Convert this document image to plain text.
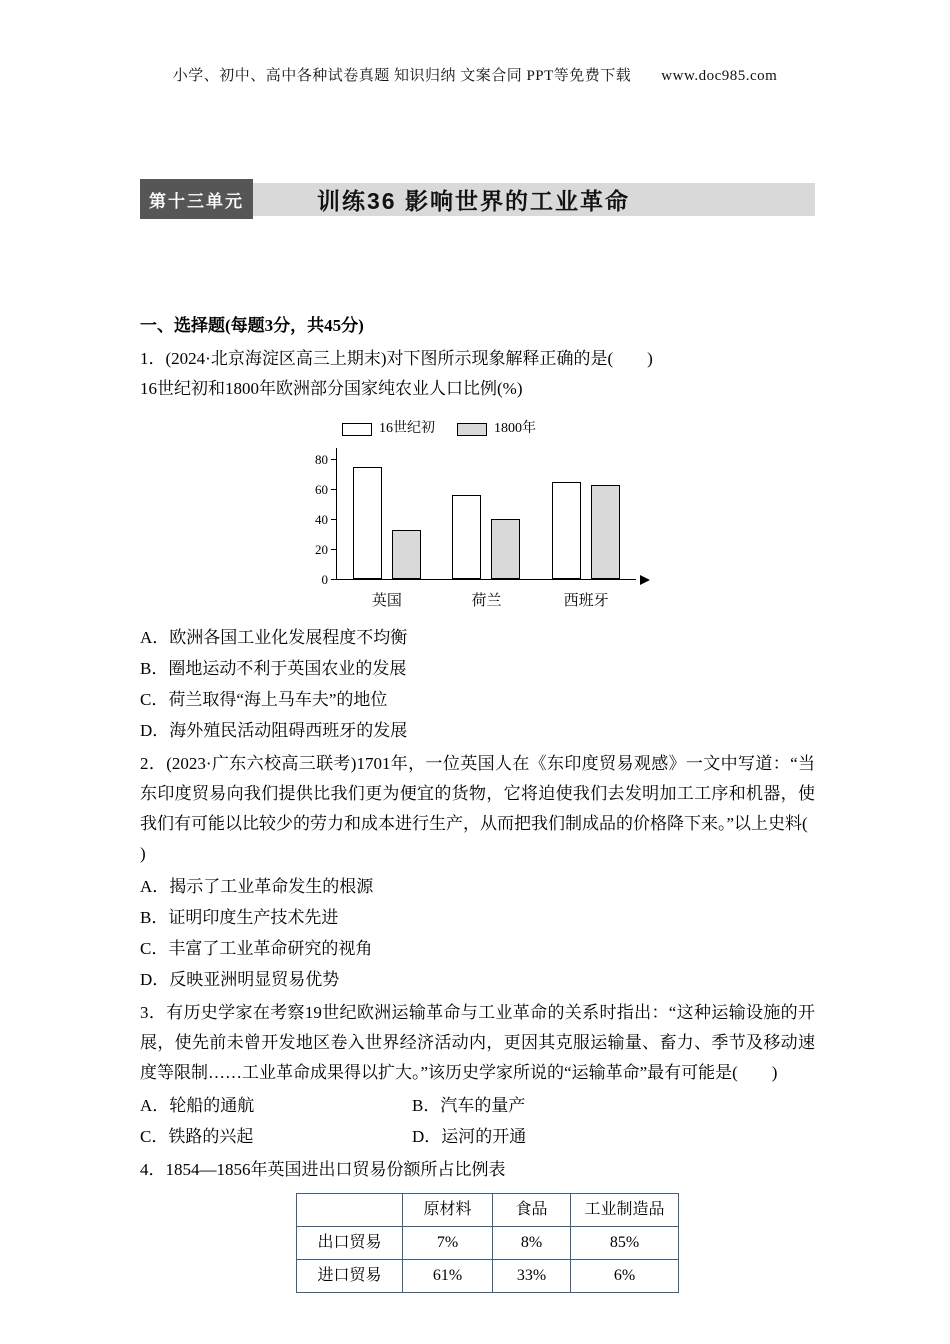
小学、初中、高中各种试卷真题 知识归纳 文案合同 PPT等免费下载 www.doc985.com
第十三单元	训练36 影响世界的工业革命

一、选择题(每题3分，共45分)

1．(2024·北京海淀区高三上期末)对下图所示现象解释正确的是(　　)

16世纪初和1800年欧洲部分国家纯农业人口比例(%)

16世纪初	1800年
0
20
40
60
80
英国	荷兰	西班牙

A．欧洲各国工业化发展程度不均衡

B．圈地运动不利于英国农业的发展

C．荷兰取得“海上马车夫”的地位

D．海外殖民活动阻碍西班牙的发展

2．(2023·广东六校高三联考)1701年，一位英国人在《东印度贸易观感》一文中写道：“当东印度贸易向我们提供比我们更为便宜的货物，它将迫使我们去发明加工工序和机器，使我们有可能以比较少的劳力和成本进行生产，从而把我们制成品的价格降下来。”以上史料(

)

A．揭示了工业革命发生的根源

B．证明印度生产技术先进

C．丰富了工业革命研究的视角

D．反映亚洲明显贸易优势

3．有历史学家在考察19世纪欧洲运输革命与工业革命的关系时指出：“这种运输设施的开展，使先前未曾开发地区卷入世界经济活动内，更因其克服运输量、畜力、季节及移动速度等限制……工业革命成果得以扩大。”该历史学家所说的“运输革命”最有可能是(　　)

A．轮船的通航	B．汽车的量产

C．铁路的兴起	D．运河的开通

4．1854—1856年英国进出口贸易份额所占比例表

	原材料	食品	工业制造品
出口贸易	7%	8%	85%
进口贸易	61%	33%	6%
